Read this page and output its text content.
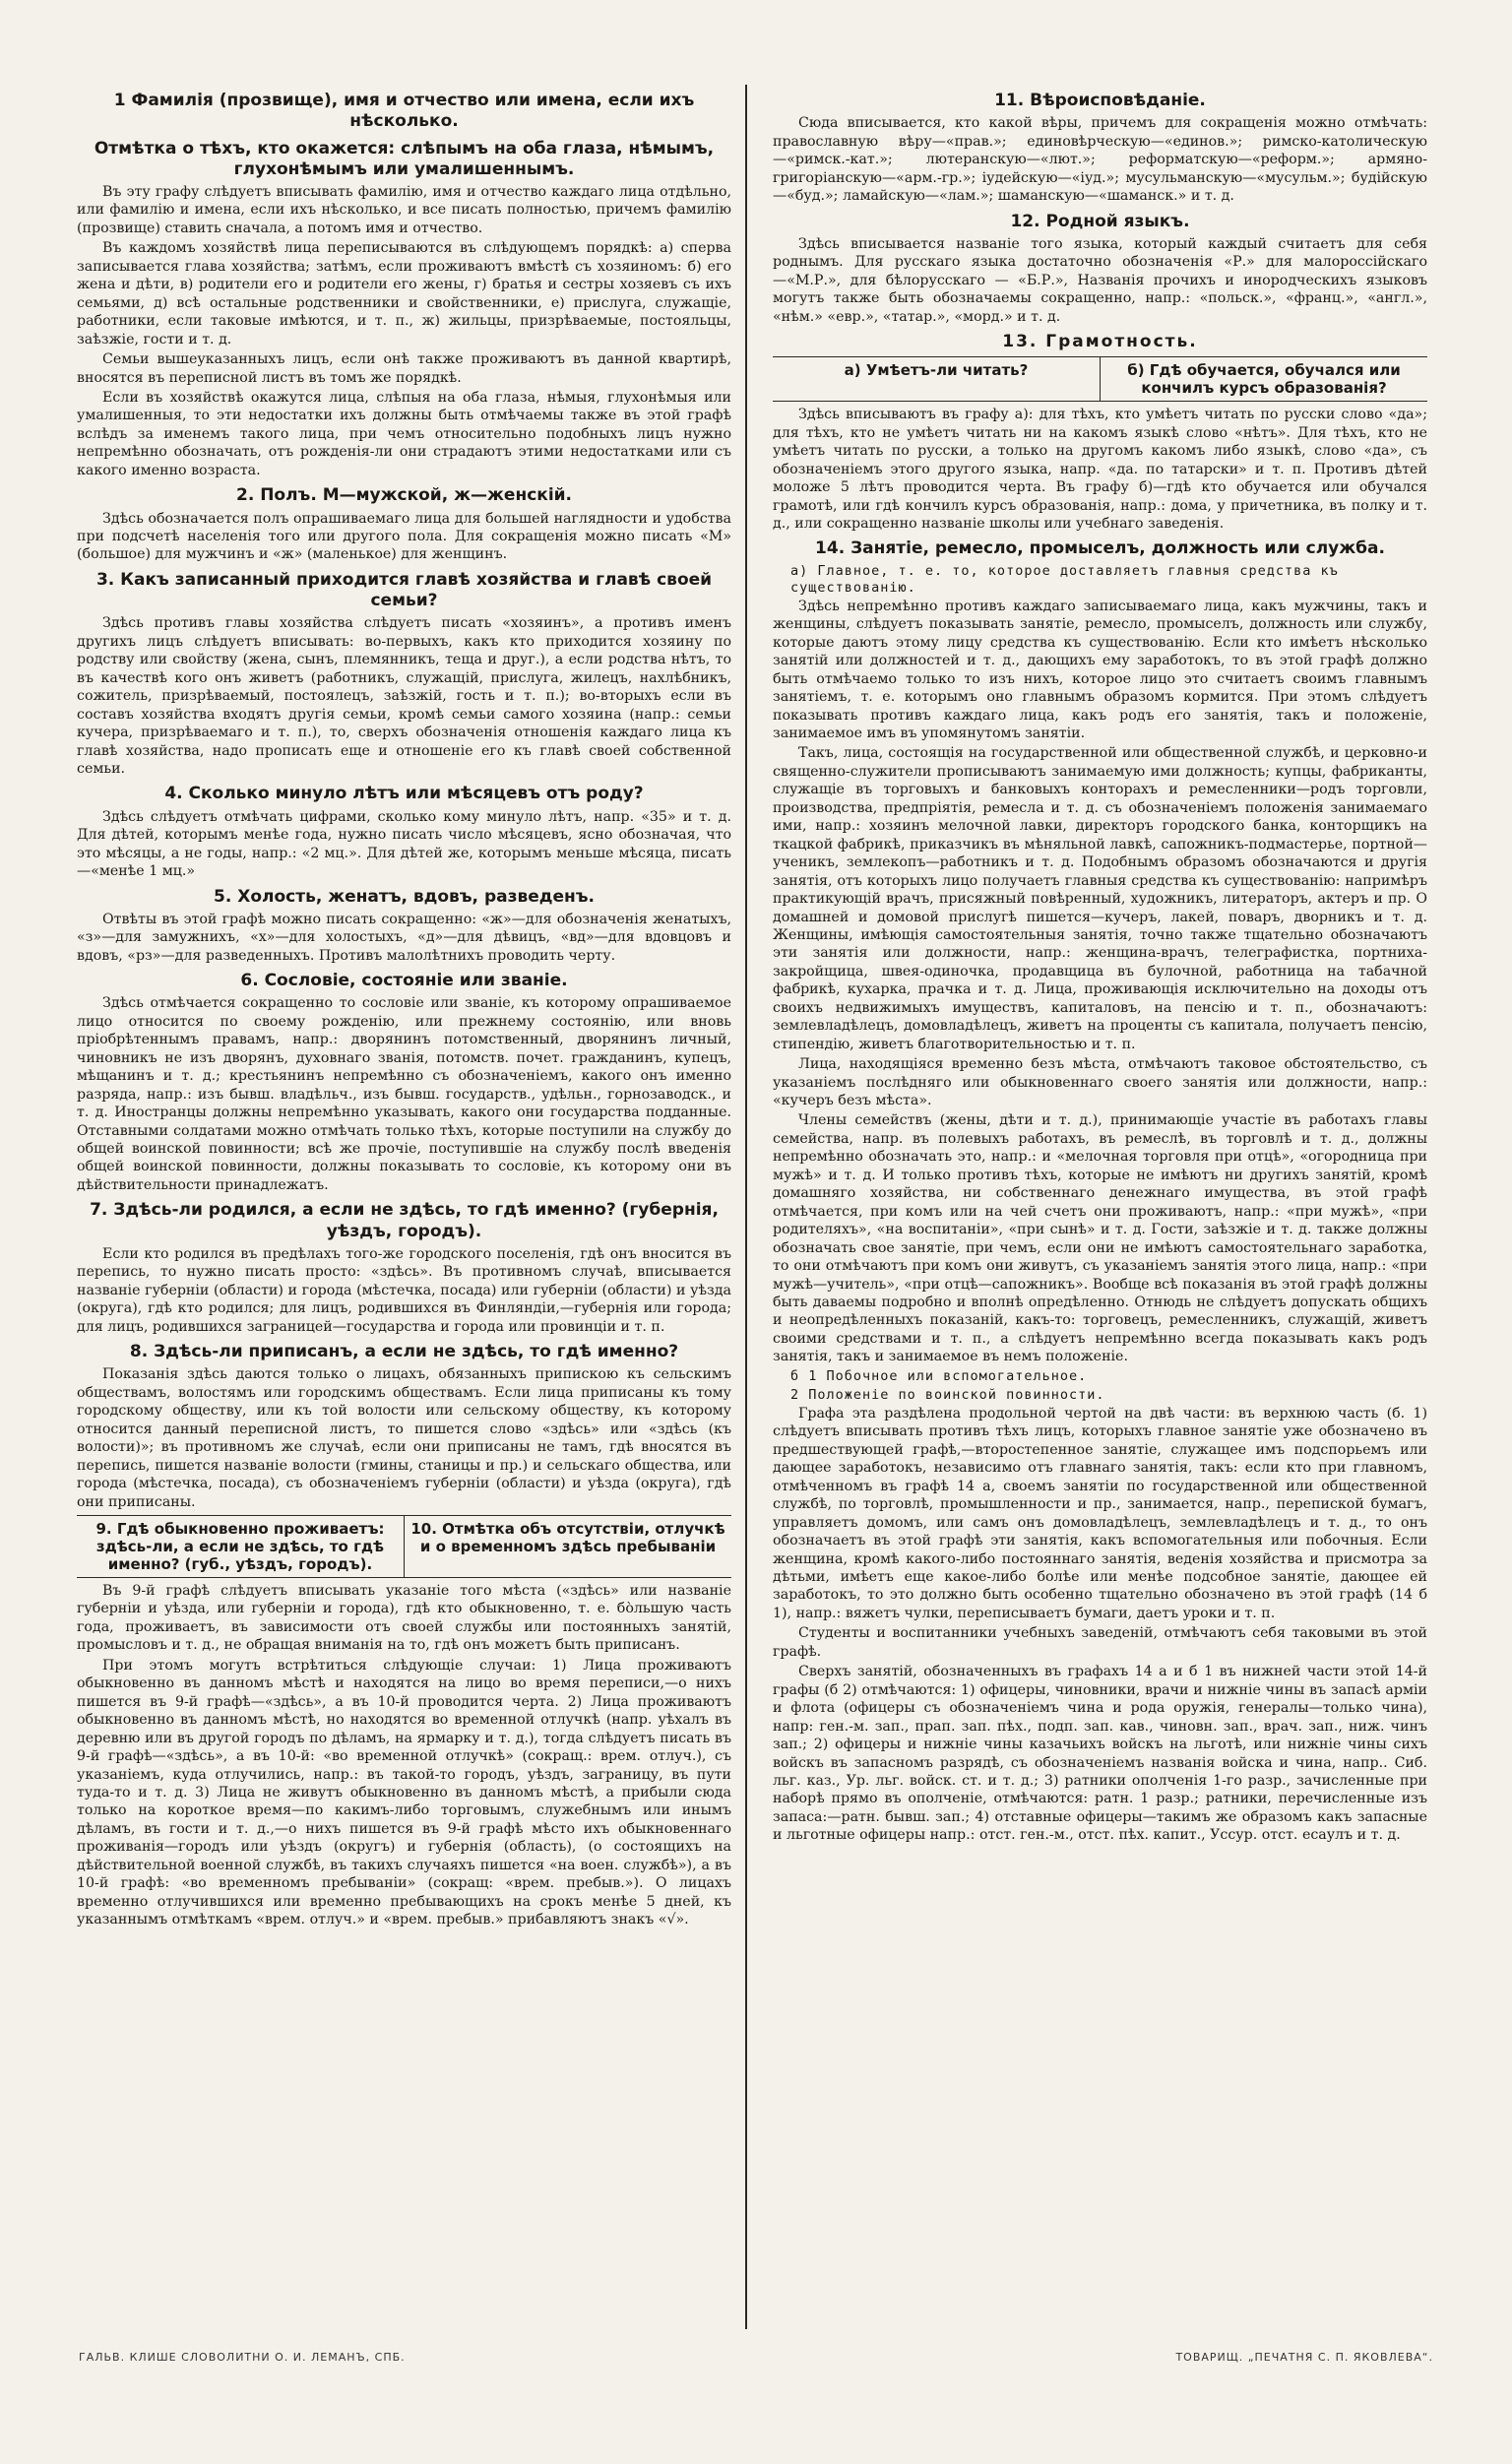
1 Фамилія (прозвище), имя и отчество или имена, если ихъ нѣсколько.
Отмѣтка о тѣхъ, кто окажется: слѣпымъ на оба глаза, нѣмымъ, глухонѣмымъ или умалишеннымъ.

Въ эту графу слѣдуетъ вписывать фамилію, имя и отчество каждаго лица отдѣльно, или фамилію и имена, если ихъ нѣсколько, и все писать полностью, причемъ фамилію (прозвище) ставить сначала, а потомъ имя и отчество.

Въ каждомъ хозяйствѣ лица переписываются въ слѣдующемъ порядкѣ: а) сперва записывается глава хозяйства; затѣмъ, если проживаютъ вмѣстѣ съ хозяиномъ: б) его жена и дѣти, в) родители его и родители его жены, г) братья и сестры хозяевъ съ ихъ семьями, д) всѣ остальные родственники и свойственники, е) прислуга, служащіе, работники, если таковые имѣются, и т. п., ж) жильцы, призрѣваемые, постояльцы, заѣзжіе, гости и т. д.

Семьи вышеуказанныхъ лицъ, если онѣ также проживаютъ въ данной квартирѣ, вносятся въ переписной листъ въ томъ же порядкѣ.

Если въ хозяйствѣ окажутся лица, слѣпыя на оба глаза, нѣмыя, глухонѣмыя или умалишенныя, то эти недостатки ихъ должны быть отмѣчаемы также въ этой графѣ вслѣдъ за именемъ такого лица, при чемъ относительно подобныхъ лицъ нужно непремѣнно обозначать, отъ рожденія-ли они страдаютъ этими недостатками или съ какого именно возраста.

2. Полъ. М—мужской, ж—женскій.

Здѣсь обозначается полъ опрашиваемаго лица для большей наглядности и удобства при подсчетѣ населенія того или другого пола. Для сокращенія можно писать «М» (большое) для мужчинъ и «ж» (маленькое) для женщинъ.

3. Какъ записанный приходится главѣ хозяйства и главѣ своей семьи?

Здѣсь противъ главы хозяйства слѣдуетъ писать «хозяинъ», а противъ именъ другихъ лицъ слѣдуетъ вписывать: во-первыхъ, какъ кто приходится хозяину по родству или свойству (жена, сынъ, племянникъ, теща и друг.), а если родства нѣтъ, то въ качествѣ кого онъ живетъ (работникъ, служащій, прислуга, жилецъ, нахлѣбникъ, сожитель, призрѣваемый, постоялецъ, заѣзжій, гость и т. п.); во-вторыхъ если въ составъ хозяйства входятъ другія семьи, кромѣ семьи самого хозяина (напр.: семьи кучера, призрѣваемаго и т. п.), то, сверхъ обозначенія отношенія каждаго лица къ главѣ хозяйства, надо прописать еще и отношеніе его къ главѣ своей собственной семьи.

4. Сколько минуло лѣтъ или мѣсяцевъ отъ роду?

Здѣсь слѣдуетъ отмѣчать цифрами, сколько кому минуло лѣтъ, напр. «35» и т. д. Для дѣтей, которымъ менѣе года, нужно писать число мѣсяцевъ, ясно обозначая, что это мѣсяцы, а не годы, напр.: «2 мц.». Для дѣтей же, которымъ меньше мѣсяца, писать—«менѣе 1 мц.»

5. Холость, женатъ, вдовъ, разведенъ.

Отвѣты въ этой графѣ можно писать сокращенно: «ж»—для обозначенія женатыхъ, «з»—для замужнихъ, «х»—для холостыхъ, «д»—для дѣвицъ, «вд»—для вдовцовъ и вдовъ, «рз»—для разведенныхъ. Противъ малолѣтнихъ проводить черту.

6. Сословіе, состояніе или званіе.

Здѣсь отмѣчается сокращенно то сословіе или званіе, къ которому опрашиваемое лицо относится по своему рожденію, или прежнему состоянію, или вновь пріобрѣтеннымъ правамъ, напр.: дворянинъ потомственный, дворянинъ личный, чиновникъ не изъ дворянъ, духовнаго званія, потомств. почет. гражданинъ, купецъ, мѣщанинъ и т. д.; крестьянинъ непремѣнно съ обозначеніемъ, какого онъ именно разряда, напр.: изъ бывш. владѣльч., изъ бывш. государств., удѣльн., горнозаводск., и т. д. Иностранцы должны непремѣнно указывать, какого они государства подданные. Отставными солдатами можно отмѣчать только тѣхъ, которые поступили на службу до общей воинской повинности; всѣ же прочіе, поступившіе на службу послѣ введенія общей воинской повинности, должны показывать то сословіе, къ которому они въ дѣйствительности принадлежатъ.

7. Здѣсь-ли родился, а если не здѣсь, то гдѣ именно? (губернія, уѣздъ, городъ).

Если кто родился въ предѣлахъ того-же городского поселенія, гдѣ онъ вносится въ перепись, то нужно писать просто: «здѣсь». Въ противномъ случаѣ, вписывается названіе губерніи (области) и города (мѣстечка, посада) или губерніи (области) и уѣзда (округа), гдѣ кто родился; для лицъ, родившихся въ Финляндіи,—губернія или города; для лицъ, родившихся заграницей—государства и города или провинціи и т. п.

8. Здѣсь-ли приписанъ, а если не здѣсь, то гдѣ именно?

Показанія здѣсь даются только о лицахъ, обязанныхъ припискою къ сельскимъ обществамъ, волостямъ или городскимъ обществамъ. Если лица приписаны къ тому городскому обществу, или къ той волости или сельскому обществу, къ которому относится данный переписной листъ, то пишется слово «здѣсь» или «здѣсь (къ волости)»; въ противномъ же случаѣ, если они приписаны не тамъ, гдѣ вносятся въ перепись, пишется названіе волости (гмины, станицы и пр.) и сельскаго общества, или города (мѣстечка, посада), съ обозначеніемъ губерніи (области) и уѣзда (округа), гдѣ они приписаны.

9. Гдѣ обыкновенно проживаетъ: здѣсь-ли, а если не здѣсь, то гдѣ именно? (губ., уѣздъ, городъ).
10. Отмѣтка объ отсутствіи, отлучкѣ и о временномъ здѣсь пребываніи

Въ 9-й графѣ слѣдуетъ вписывать указаніе того мѣста («здѣсь» или названіе губерніи и уѣзда, или губерніи и города), гдѣ кто обыкновенно, т. е. бо̀льшую часть года, проживаетъ, въ зависимости отъ своей службы или постоянныхъ занятій, промысловъ и т. д., не обращая вниманія на то, гдѣ онъ можетъ быть приписанъ.

При этомъ могутъ встрѣтиться слѣдующіе случаи: 1) Лица проживаютъ обыкновенно въ данномъ мѣстѣ и находятся на лицо во время переписи,—о нихъ пишется въ 9-й графѣ—«здѣсь», а въ 10-й проводится черта. 2) Лица проживаютъ обыкновенно въ данномъ мѣстѣ, но находятся во временной отлучкѣ (напр. уѣхалъ въ деревню или въ другой городъ по дѣламъ, на ярмарку и т. д.), тогда слѣдуетъ писать въ 9-й графѣ—«здѣсь», а въ 10-й: «во временной отлучкѣ» (сокращ.: врем. отлуч.), съ указаніемъ, куда отлучились, напр.: въ такой-то городъ, уѣздъ, заграницу, въ пути туда-то и т. д. 3) Лица не живутъ обыкновенно въ данномъ мѣстѣ, а прибыли сюда только на короткое время—по какимъ-либо торговымъ, служебнымъ или инымъ дѣламъ, въ гости и т. д.,—о нихъ пишется въ 9-й графѣ мѣсто ихъ обыкновеннаго проживанія—городъ или уѣздъ (округъ) и губернія (область), (о состоящихъ на дѣйствительной военной службѣ, въ такихъ случаяхъ пишется «на воен. службѣ»), а въ 10-й графѣ: «во временномъ пребываніи» (сокращ: «врем. пребыв.»). О лицахъ временно отлучившихся или временно пребывающихъ на срокъ менѣе 5 дней, къ указаннымъ отмѣткамъ «врем. отлуч.» и «врем. пребыв.» прибавляютъ знакъ «√».

11. Вѣроисповѣданіе.

Сюда вписывается, кто какой вѣры, причемъ для сокращенія можно отмѣчать: православную вѣру—«прав.»; единовѣрческую—«единов.»; римско-католическую—«римск.-кат.»; лютеранскую—«лют.»; реформатскую—«реформ.»; армяно-григоріанскую—«арм.-гр.»; іудейскую—«іуд.»; мусульманскую—«мусульм.»; будійскую—«буд.»; ламайскую—«лам.»; шаманскую—«шаманск.» и т. д.

12. Родной языкъ.

Здѣсь вписывается названіе того языка, который каждый считаетъ для себя роднымъ. Для русскаго языка достаточно обозначенія «Р.» для малороссійскаго—«М.Р.», для бѣлорусскаго — «Б.Р.», Названія прочихъ и инородческихъ языковъ могутъ также быть обозначаемы сокращенно, напр.: «польск.», «франц.», «англ.», «нѣм.» «евр.», «татар.», «морд.» и т. д.

13. Грамотность.
а) Умѣетъ-ли читать?	б) Гдѣ обучается, обучался или кончилъ курсъ образованія?

Здѣсь вписываютъ въ графу а): для тѣхъ, кто умѣетъ читать по русски слово «да»; для тѣхъ, кто не умѣетъ читать ни на какомъ языкѣ слово «нѣтъ». Для тѣхъ, кто не умѣетъ читать по русски, а только на другомъ какомъ либо языкѣ, слово «да», съ обозначеніемъ этого другого языка, напр. «да. по татарски» и т. п. Противъ дѣтей моложе 5 лѣтъ проводится черта. Въ графу б)—гдѣ кто обучается или обучался грамотѣ, или гдѣ кончилъ курсъ образованія, напр.: дома, у причетника, въ полку и т. д., или сокращенно названіе школы или учебнаго заведенія.

14. Занятіе, ремесло, промыселъ, должность или служба.
а) Главное, т. е. то, которое доставляетъ главныя средства къ существованію.

Здѣсь непремѣнно противъ каждаго записываемаго лица, какъ мужчины, такъ и женщины, слѣдуетъ показывать занятіе, ремесло, промыселъ, должность или службу, которые даютъ этому лицу средства къ существованію. Если кто имѣетъ нѣсколько занятій или должностей и т. д., дающихъ ему заработокъ, то въ этой графѣ должно быть отмѣчаемо только то изъ нихъ, которое лицо это считаетъ своимъ главнымъ занятіемъ, т. е. которымъ оно главнымъ образомъ кормится. При этомъ слѣдуетъ показывать противъ каждаго лица, какъ родъ его занятія, такъ и положеніе, занимаемое имъ въ упомянутомъ занятіи.

Такъ, лица, состоящія на государственной или общественной службѣ, и церковно-и священно-служители прописываютъ занимаемую ими должность; купцы, фабриканты, служащіе въ торговыхъ и банковыхъ конторахъ и ремесленники—родъ торговли, производства, предпріятія, ремесла и т. д. съ обозначеніемъ положенія занимаемаго ими, напр.: хозяинъ мелочной лавки, директоръ городского банка, конторщикъ на ткацкой фабрикѣ, приказчикъ въ мѣняльной лавкѣ, сапожникъ-подмастерье, портной—ученикъ, землекопъ—работникъ и т. д. Подобнымъ образомъ обозначаются и другія занятія, отъ которыхъ лицо получаетъ главныя средства къ существованію: напримѣръ практикующій врачъ, присяжный повѣренный, художникъ, литераторъ, актеръ и пр. О домашней и домовой прислугѣ пишется—кучеръ, лакей, поваръ, дворникъ и т. д. Женщины, имѣющія самостоятельныя занятія, точно также тщательно обозначаютъ эти занятія или должности, напр.: женщина-врачъ, телеграфистка, портниха-закройщица, швея-одиночка, продавщица въ булочной, работница на табачной фабрикѣ, кухарка, прачка и т. д. Лица, проживающія исключительно на доходы отъ своихъ недвижимыхъ имуществъ, капиталовъ, на пенсію и т. п., обозначаютъ: землевладѣлецъ, домовладѣлецъ, живетъ на проценты съ капитала, получаетъ пенсію, стипендію, живетъ благотворительностью и т. п.

Лица, находящіяся временно безъ мѣста, отмѣчаютъ таковое обстоятельство, съ указаніемъ послѣдняго или обыкновеннаго своего занятія или должности, напр.: «кучеръ безъ мѣста».

Члены семействъ (жены, дѣти и т. д.), принимающіе участіе въ работахъ главы семейства, напр. въ полевыхъ работахъ, въ ремеслѣ, въ торговлѣ и т. д., должны непремѣнно обозначать это, напр.: и «мелочная торговля при отцѣ», «огородница при мужѣ» и т. д. И только противъ тѣхъ, которые не имѣютъ ни другихъ занятій, кромѣ домашняго хозяйства, ни собственнаго денежнаго имущества, въ этой графѣ отмѣчается, при комъ или на чей счетъ они проживаютъ, напр.: «при мужѣ», «при родителяхъ», «на воспитаніи», «при сынѣ» и т. д. Гости, заѣзжіе и т. д. также должны обозначать свое занятіе, при чемъ, если они не имѣютъ самостоятельнаго заработка, то они отмѣчаютъ при комъ они живутъ, съ указаніемъ занятія этого лица, напр.: «при мужѣ—учитель», «при отцѣ—сапожникъ». Вообще всѣ показанія въ этой графѣ должны быть даваемы подробно и вполнѣ опредѣленно. Отнюдь не слѣдуетъ допускать общихъ и неопредѣленныхъ показаній, какъ-то: торговецъ, ремесленникъ, служащій, живетъ своими средствами и т. п., а слѣдуетъ непремѣнно всегда показывать какъ родъ занятія, такъ и занимаемое въ немъ положеніе.

б 1 Побочное или вспомогательное.
2 Положеніе по воинской повинности.

Графа эта раздѣлена продольной чертой на двѣ части: въ верхнюю часть (б. 1) слѣдуетъ вписывать противъ тѣхъ лицъ, которыхъ главное занятіе уже обозначено въ предшествующей графѣ,—второстепенное занятіе, служащее имъ подспорьемъ или дающее заработокъ, независимо отъ главнаго занятія, такъ: если кто при главномъ, отмѣченномъ въ графѣ 14 а, своемъ занятіи по государственной или общественной службѣ, по торговлѣ, промышленности и пр., занимается, напр., перепиской бумагъ, управляетъ домомъ, или самъ онъ домовладѣлецъ, землевладѣлецъ и т. д., то онъ обозначаетъ въ этой графѣ эти занятія, какъ вспомогательныя или побочныя. Если женщина, кромѣ какого-либо постояннаго занятія, веденія хозяйства и присмотра за дѣтьми, имѣетъ еще какое-либо болѣе или менѣе подсобное занятіе, дающее ей заработокъ, то это должно быть особенно тщательно обозначено въ этой графѣ (14 б 1), напр.: вяжетъ чулки, переписываетъ бумаги, даетъ уроки и т. п.

Студенты и воспитанники учебныхъ заведеній, отмѣчаютъ себя таковыми въ этой графѣ.

Сверхъ занятій, обозначенныхъ въ графахъ 14 а и б 1 въ нижней части этой 14-й графы (б 2) отмѣчаются: 1) офицеры, чиновники, врачи и нижніе чины въ запасѣ арміи и флота (офицеры съ обозначеніемъ чина и рода оружія, генералы—только чина), напр: ген.-м. зап., прап. зап. пѣх., подп. зап. кав., чиновн. зап., врач. зап., ниж. чинъ зап.; 2) офицеры и нижніе чины казачьихъ войскъ на льготѣ, или нижніе чины сихъ войскъ въ запасномъ разрядѣ, съ обозначеніемъ названія войска и чина, напр.. Сиб. льг. каз., Ур. льг. войск. ст. и т. д.; 3) ратники ополченія 1-го разр., зачисленные при наборѣ прямо въ ополченіе, отмѣчаются: ратн. 1 разр.; ратники, перечисленные изъ запаса:—ратн. бывш. зап.; 4) отставные офицеры—такимъ же образомъ какъ запасные и льготные офицеры напр.: отст. ген.-м., отст. пѣх. капит., Уссур. отст. есаулъ и т. д.

ГАЛЬВ. КЛИШЕ СЛОВОЛИТНИ О. И. ЛЕМАНЪ, СПБ.	ТОВАРИЩ. „ПЕЧАТНЯ С. П. ЯКОВЛЕВА“.
